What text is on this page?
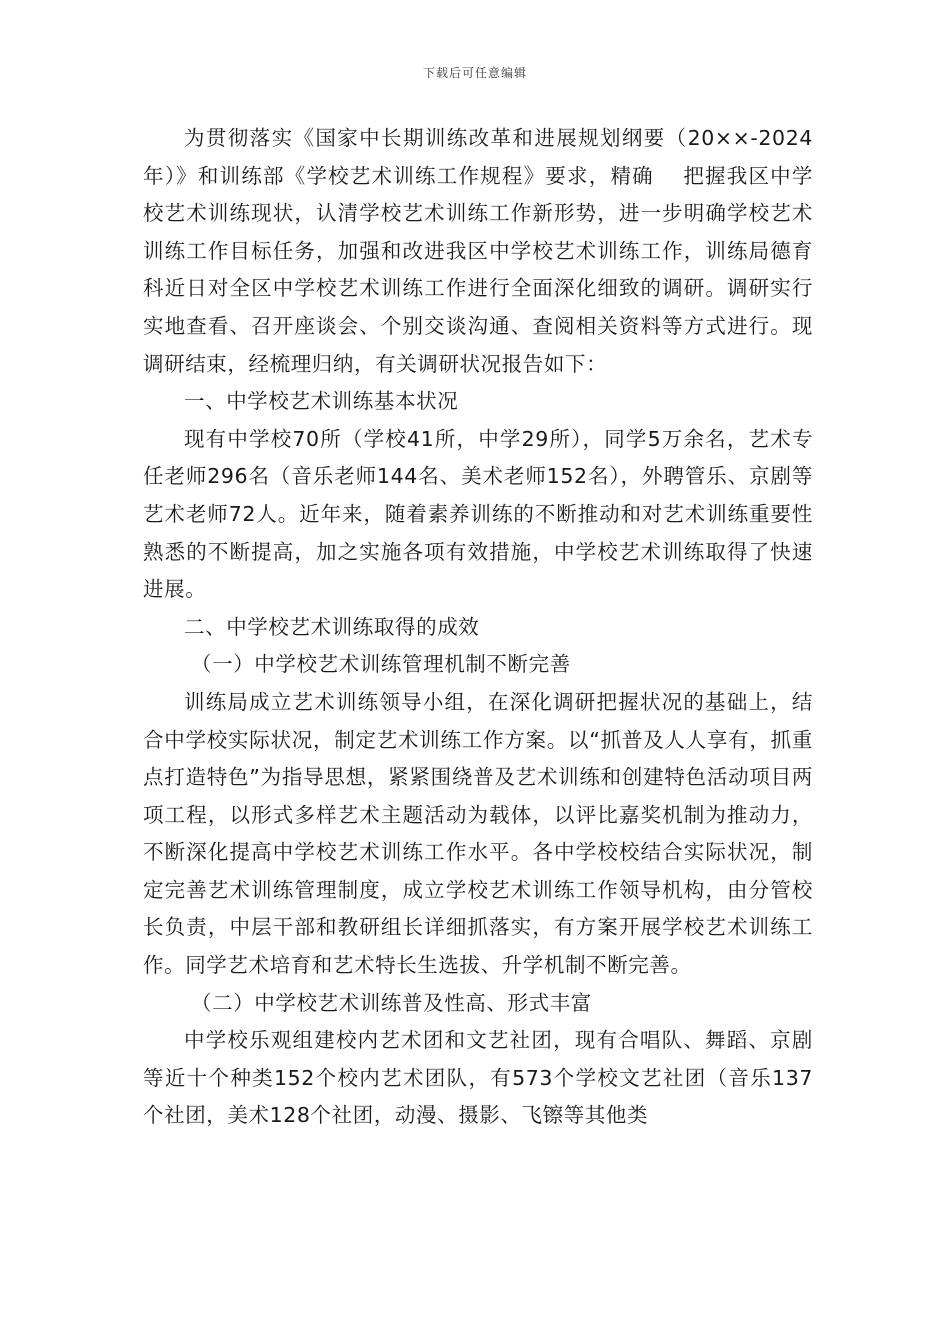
下载后可任意编辑

为贯彻落实《国家中长期训练改革和进展规划纲要（20××-2024年）》和训练部《学校艺术训练工作规程》要求，精确　 把握我区中学校艺术训练现状，认清学校艺术训练工作新形势，进一步明确学校艺术训练工作目标任务，加强和改进我区中学校艺术训练工作，训练局德育科近日对全区中学校艺术训练工作进行全面深化细致的调研。调研实行实地查看、召开座谈会、个别交谈沟通、查阅相关资料等方式进行。现调研结束，经梳理归纳，有关调研状况报告如下：

一、中学校艺术训练基本状况

现有中学校70所（学校41所，中学29所），同学5万余名，艺术专任老师296名（音乐老师144名、美术老师152名），外聘管乐、京剧等艺术老师72人。近年来，随着素养训练的不断推动和对艺术训练重要性熟悉的不断提高，加之实施各项有效措施，中学校艺术训练取得了快速进展。

二、中学校艺术训练取得的成效

（一）中学校艺术训练管理机制不断完善

训练局成立艺术训练领导小组，在深化调研把握状况的基础上，结合中学校实际状况，制定艺术训练工作方案。以“抓普及人人享有，抓重点打造特色”为指导思想，紧紧围绕普及艺术训练和创建特色活动项目两项工程，以形式多样艺术主题活动为载体，以评比嘉奖机制为推动力，不断深化提高中学校艺术训练工作水平。各中学校校结合实际状况，制定完善艺术训练管理制度，成立学校艺术训练工作领导机构，由分管校长负责，中层干部和教研组长详细抓落实，有方案开展学校艺术训练工作。同学艺术培育和艺术特长生选拔、升学机制不断完善。

（二）中学校艺术训练普及性高、形式丰富

中学校乐观组建校内艺术团和文艺社团，现有合唱队、舞蹈、京剧等近十个种类152个校内艺术团队，有573个学校文艺社团（音乐137个社团，美术128个社团，动漫、摄影、飞镲等其他类
